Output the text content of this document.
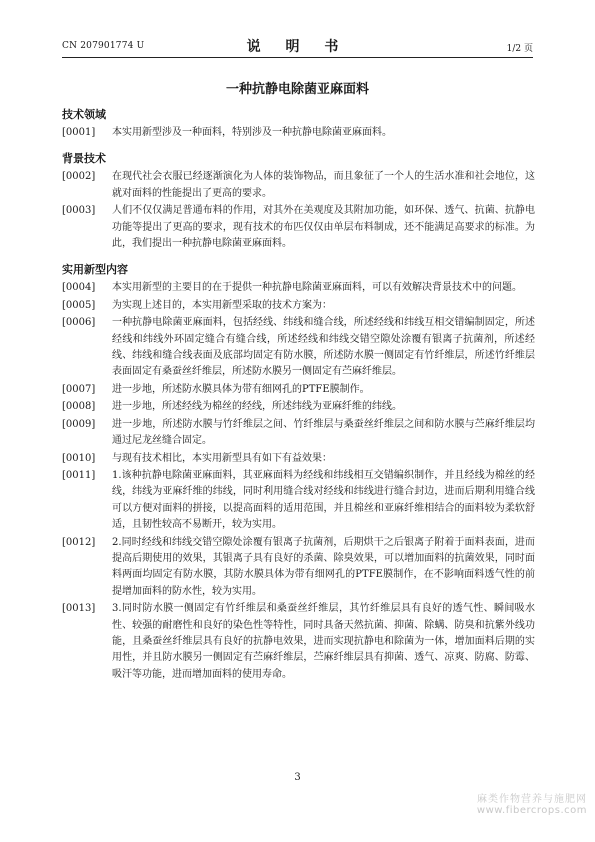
CN 207901774 U	说 明 书	1/2 页
一种抗静电除菌亚麻面料
技术领域
[0001]	本实用新型涉及一种面料，特别涉及一种抗静电除菌亚麻面料。
背景技术
[0002]	在现代社会衣服已经逐渐演化为人体的装饰物品，而且象征了一个人的生活水准和社会地位，这就对面料的性能提出了更高的要求。
[0003]	人们不仅仅满足普通布料的作用，对其外在美观度及其附加功能，如环保、透气、抗菌、抗静电功能等提出了更高的要求，现有技术的布匹仅仅由单层布料制成，还不能满足高要求的标准。为此，我们提出一种抗静电除菌亚麻面料。
实用新型内容
[0004]	本实用新型的主要目的在于提供一种抗静电除菌亚麻面料，可以有效解决背景技术中的问题。
[0005]	为实现上述目的，本实用新型采取的技术方案为：
[0006]	一种抗静电除菌亚麻面料，包括经线、纬线和缝合线，所述经线和纬线互相交错编制固定，所述经线和纬线外环固定缝合有缝合线，所述经线和纬线交错空隙处涂覆有银离子抗菌剂，所述经线、纬线和缝合线表面及底部均固定有防水膜，所述防水膜一侧固定有竹纤维层，所述竹纤维层表面固定有桑蚕丝纤维层，所述防水膜另一侧固定有苎麻纤维层。
[0007]	进一步地，所述防水膜具体为带有细网孔的PTFE膜制作。
[0008]	进一步地，所述经线为棉丝的经线，所述纬线为亚麻纤维的纬线。
[0009]	进一步地，所述防水膜与竹纤维层之间、竹纤维层与桑蚕丝纤维层之间和防水膜与苎麻纤维层均通过尼龙丝缝合固定。
[0010]	与现有技术相比，本实用新型具有如下有益效果：
[0011]	1.该种抗静电除菌亚麻面料，其亚麻面料为经线和纬线相互交错编织制作，并且经线为棉丝的经线，纬线为亚麻纤维的纬线，同时利用缝合线对经线和纬线进行缝合封边，进而后期利用缝合线可以方便对面料的拼接，以提高面料的适用范围，并且棉丝和亚麻纤维相结合的面料较为柔软舒适，且韧性较高不易断开，较为实用。
[0012]	2.同时经线和纬线交错空隙处涂覆有银离子抗菌剂，后期烘干之后银离子附着于面料表面，进而提高后期使用的效果，其银离子具有良好的杀菌、除臭效果，可以增加面料的抗菌效果，同时面料两面均固定有防水膜，其防水膜具体为带有细网孔的PTFE膜制作，在不影响面料透气性的前提增加面料的防水性，较为实用。
[0013]	3.同时防水膜一侧固定有竹纤维层和桑蚕丝纤维层，其竹纤维层具有良好的透气性、瞬间吸水性、较强的耐磨性和良好的染色性等特性，同时具备天然抗菌、抑菌、除螨、防臭和抗紫外线功能，且桑蚕丝纤维层具有良好的抗静电效果，进而实现抗静电和除菌为一体，增加面料后期的实用性，并且防水膜另一侧固定有苎麻纤维层，苎麻纤维层具有抑菌、透气、凉爽、防腐、防霉、吸汗等功能，进而增加面料的使用寿命。
3
麻类作物营养与施肥网
www.fibercrops.com
